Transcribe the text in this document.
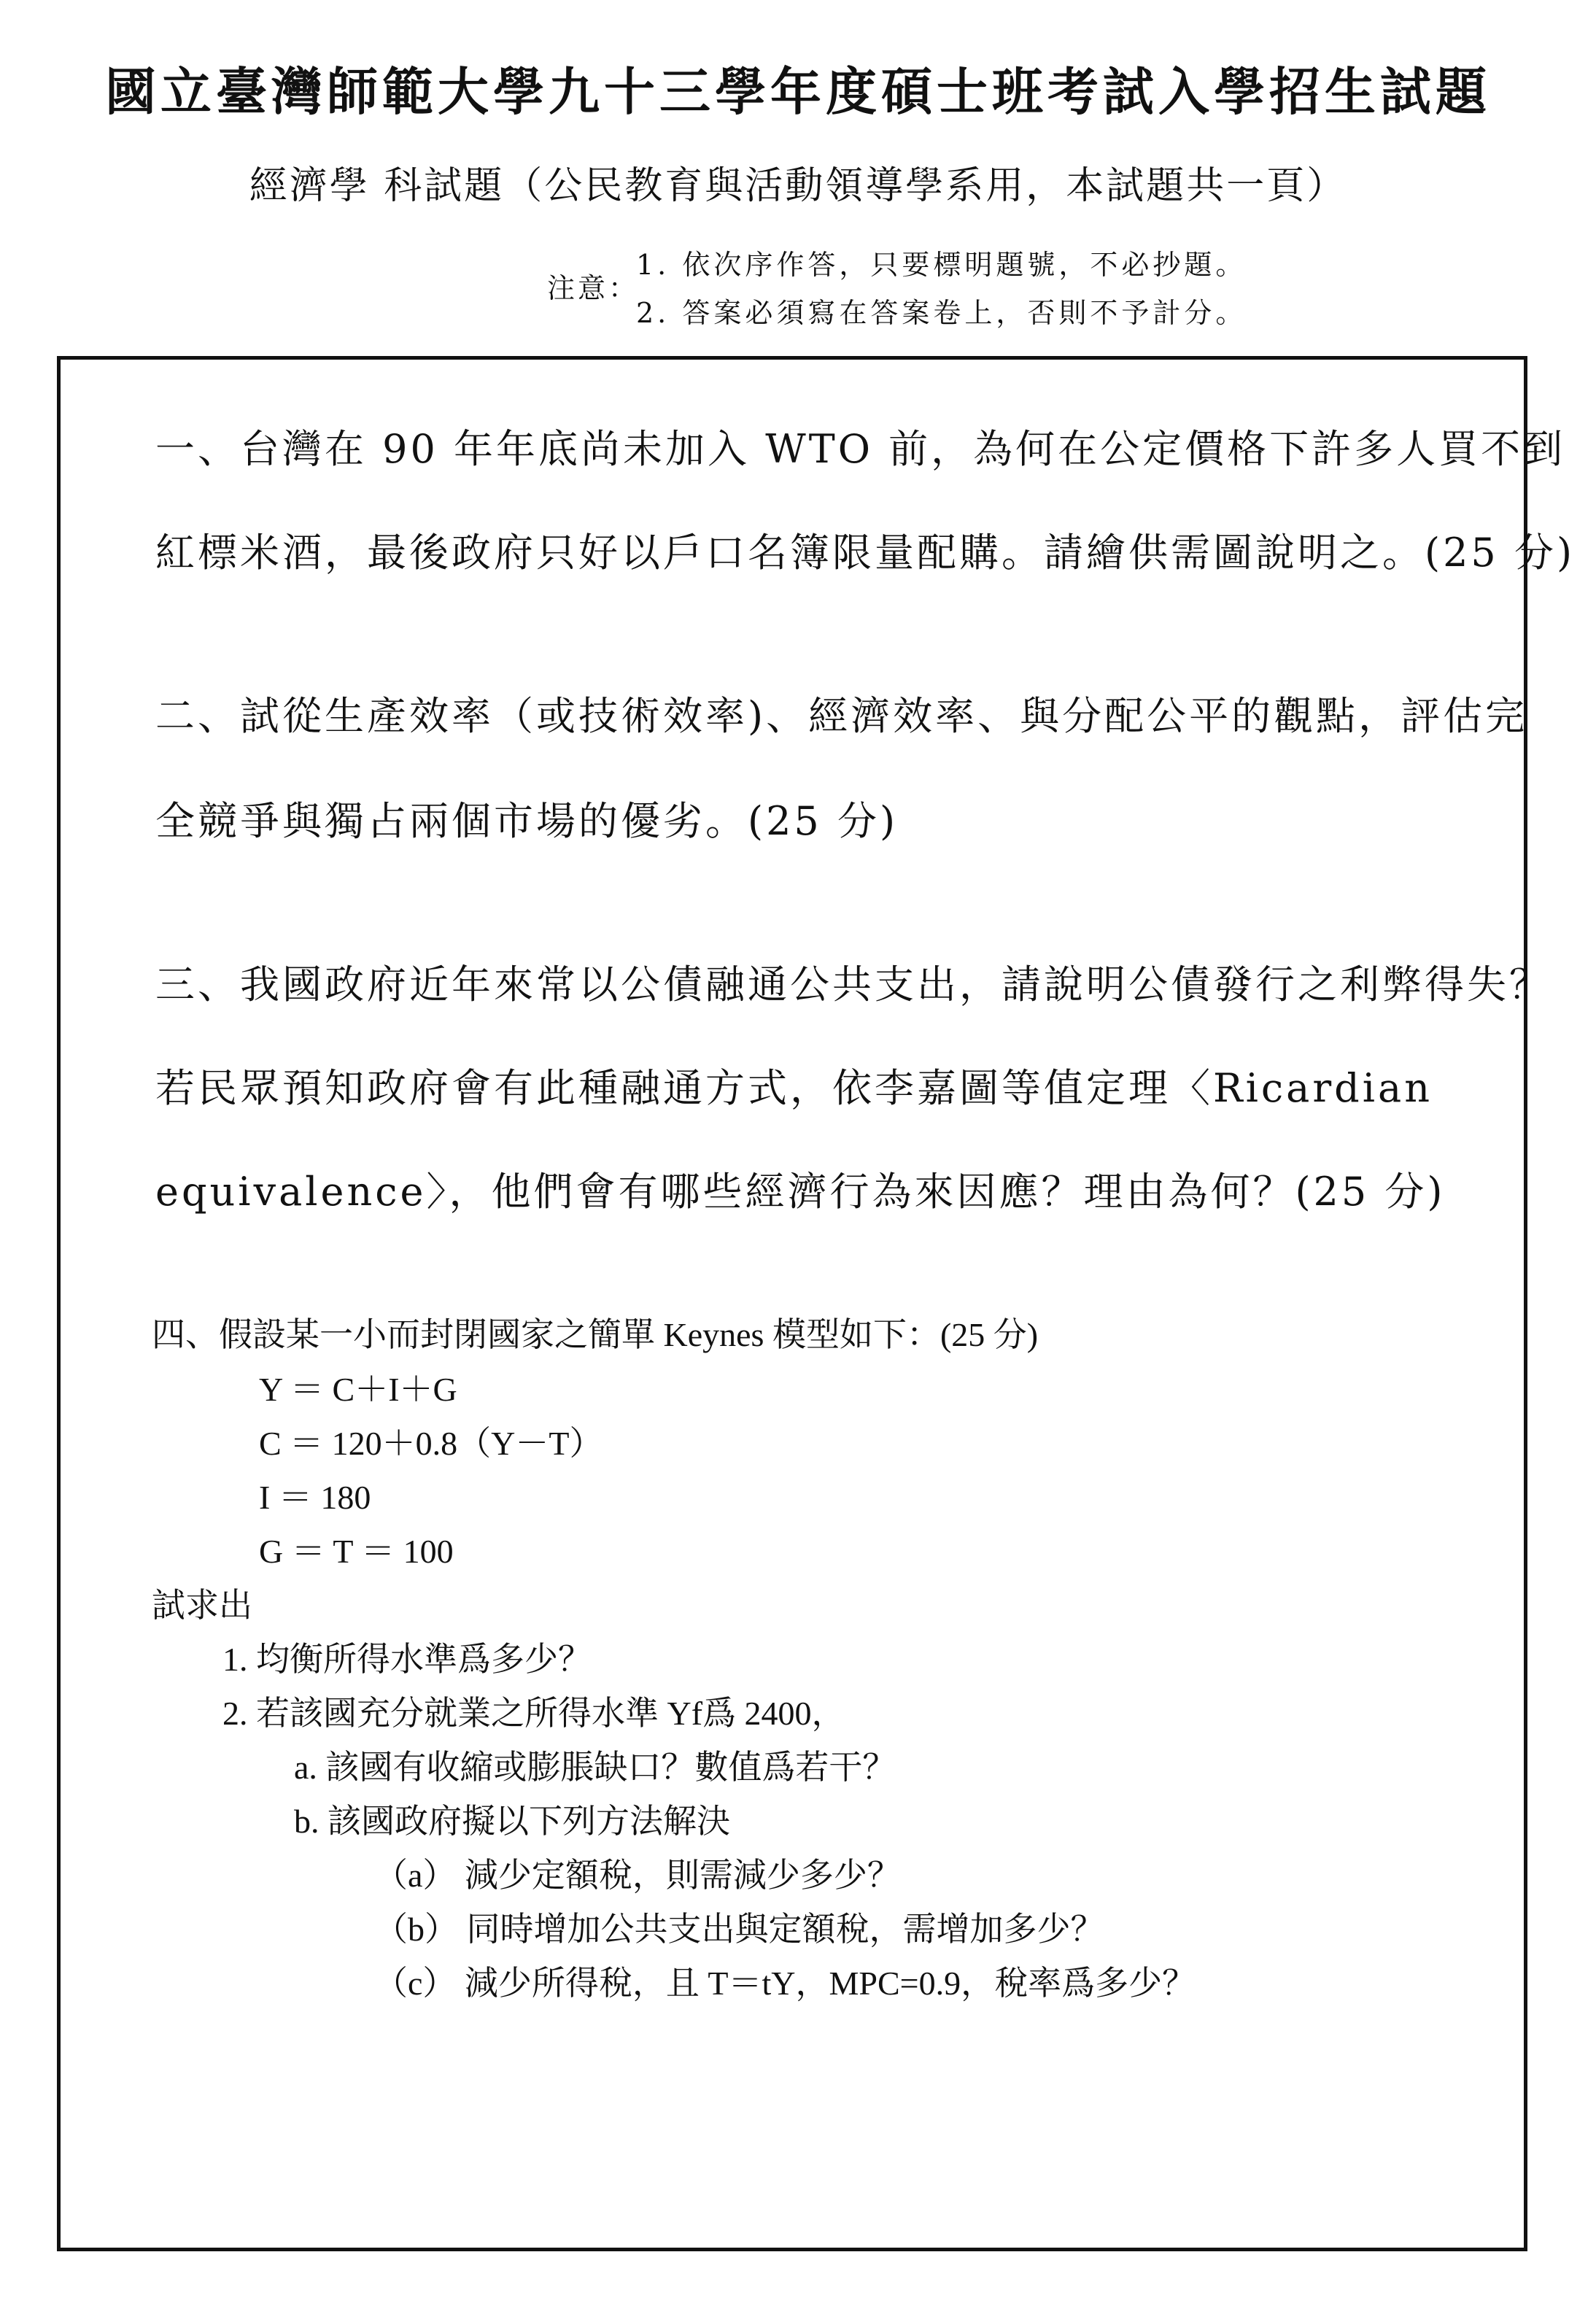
國立臺灣師範大學九十三學年度碩士班考試入學招生試題
經濟學 科試題（公民教育與活動領導學系用，本試題共一頁）
注意：
1. 依次序作答，只要標明題號，不必抄題。
2. 答案必須寫在答案卷上，否則不予計分。
一、台灣在 90 年年底尚未加入 WTO 前，為何在公定價格下許多人買不到
紅標米酒，最後政府只好以戶口名簿限量配購。請繪供需圖說明之。(25 分)
二、試從生產效率（或技術效率)、經濟效率、與分配公平的觀點，評估完
全競爭與獨占兩個市場的優劣。(25 分)
三、我國政府近年來常以公債融通公共支出，請說明公債發行之利弊得失？
若民眾預知政府會有此種融通方式，依李嘉圖等值定理〈Ricardian
equivalence〉，他們會有哪些經濟行為來因應？理由為何？(25 分)
四、假設某一小而封閉國家之簡單 Keynes 模型如下：(25 分)
Y ＝ C＋I＋G
C ＝ 120＋0.8（Y－T）
I ＝ 180
G ＝ T ＝ 100
試求出
1. 均衡所得水準爲多少？
2. 若該國充分就業之所得水準 Yf爲 2400，
a. 該國有收縮或膨脹缺口？數值爲若干？
b. 該國政府擬以下列方法解決
（a） 減少定額稅，則需減少多少？
（b） 同時增加公共支出與定額稅，需增加多少？
（c） 減少所得稅，且 T＝tY，MPC=0.9，稅率爲多少？
